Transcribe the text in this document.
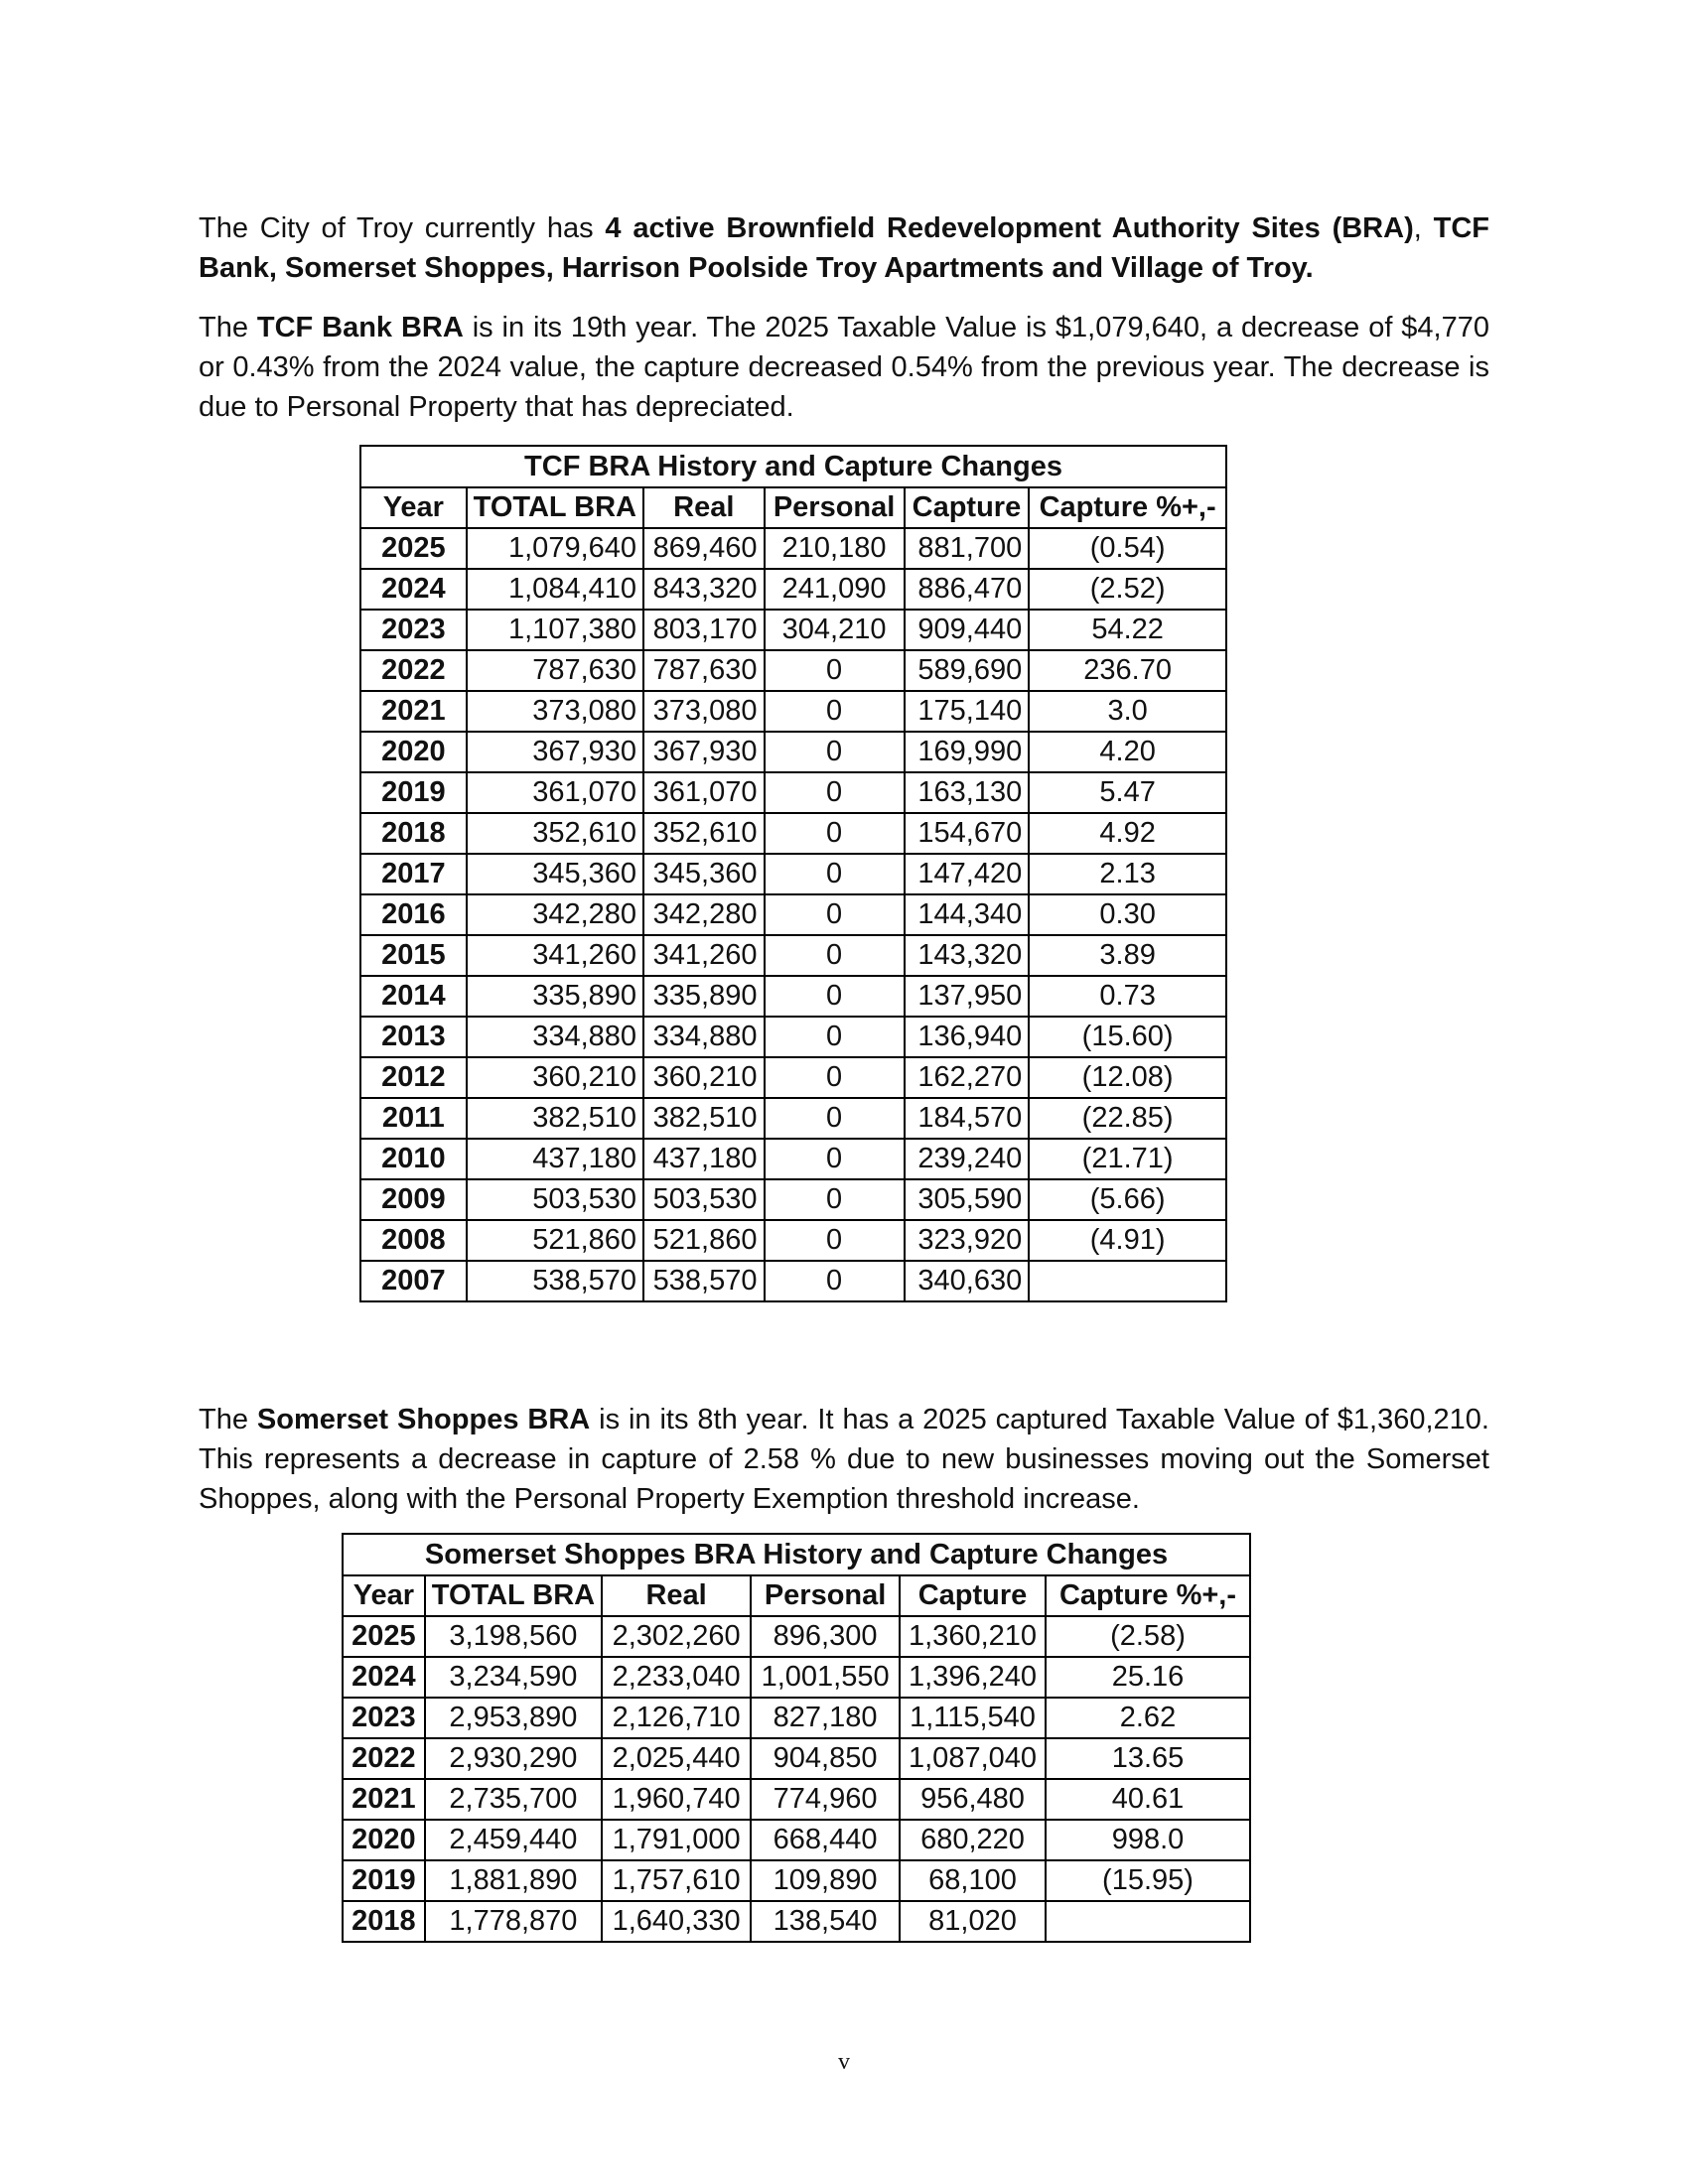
The City of Troy currently has 4 active Brownfield Redevelopment Authority Sites (BRA), TCF Bank, Somerset Shoppes, Harrison Poolside Troy Apartments and Village of Troy.

The TCF Bank BRA is in its 19th year. The 2025 Taxable Value is $1,079,640, a decrease of $4,770 or 0.43% from the 2024 value, the capture decreased 0.54% from the previous year. The decrease is due to Personal Property that has depreciated.

TCF BRA History and Capture Changes
Year	TOTAL BRA	Real	Personal	Capture	Capture %+,-
2025	1,079,640	869,460	210,180	881,700	(0.54)
2024	1,084,410	843,320	241,090	886,470	(2.52)
2023	1,107,380	803,170	304,210	909,440	54.22
2022	787,630	787,630	0	589,690	236.70
2021	373,080	373,080	0	175,140	3.0
2020	367,930	367,930	0	169,990	4.20
2019	361,070	361,070	0	163,130	5.47
2018	352,610	352,610	0	154,670	4.92
2017	345,360	345,360	0	147,420	2.13
2016	342,280	342,280	0	144,340	0.30
2015	341,260	341,260	0	143,320	3.89
2014	335,890	335,890	0	137,950	0.73
2013	334,880	334,880	0	136,940	(15.60)
2012	360,210	360,210	0	162,270	(12.08)
2011	382,510	382,510	0	184,570	(22.85)
2010	437,180	437,180	0	239,240	(21.71)
2009	503,530	503,530	0	305,590	(5.66)
2008	521,860	521,860	0	323,920	(4.91)
2007	538,570	538,570	0	340,630	

The Somerset Shoppes BRA is in its 8th year. It has a 2025 captured Taxable Value of $1,360,210. This represents a decrease in capture of 2.58 % due to new businesses moving out the Somerset Shoppes, along with the Personal Property Exemption threshold increase.

Somerset Shoppes BRA History and Capture Changes
Year	TOTAL BRA	Real	Personal	Capture	Capture %+,-
2025	3,198,560	2,302,260	896,300	1,360,210	(2.58)
2024	3,234,590	2,233,040	1,001,550	1,396,240	25.16
2023	2,953,890	2,126,710	827,180	1,115,540	2.62
2022	2,930,290	2,025,440	904,850	1,087,040	13.65
2021	2,735,700	1,960,740	774,960	956,480	40.61
2020	2,459,440	1,791,000	668,440	680,220	998.0
2019	1,881,890	1,757,610	109,890	68,100	(15.95)
2018	1,778,870	1,640,330	138,540	81,020	
v
